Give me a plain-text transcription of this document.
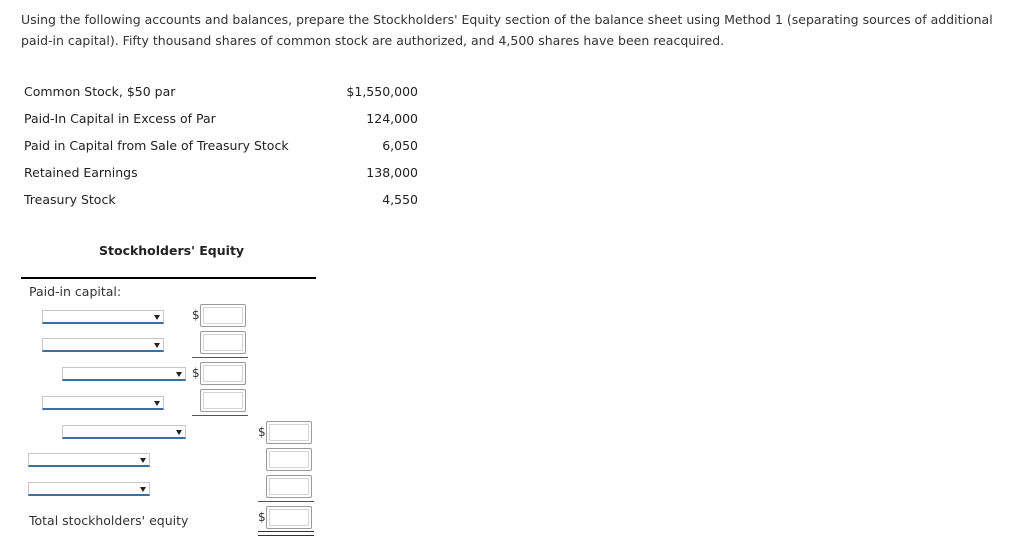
Using the following accounts and balances, prepare the Stockholders' Equity section of the balance sheet using Method 1 (separating sources of additional paid-in capital). Fifty thousand shares of common stock are authorized, and 4,500 shares have been reacquired.
Common Stock, $50 par	$1,550,000
Paid-In Capital in Excess of Par	124,000
Paid in Capital from Sale of Treasury Stock	6,050
Retained Earnings	138,000
Treasury Stock	4,550
Stockholders' Equity
Paid-in capital:
$
$
$
Total stockholders' equity	$
